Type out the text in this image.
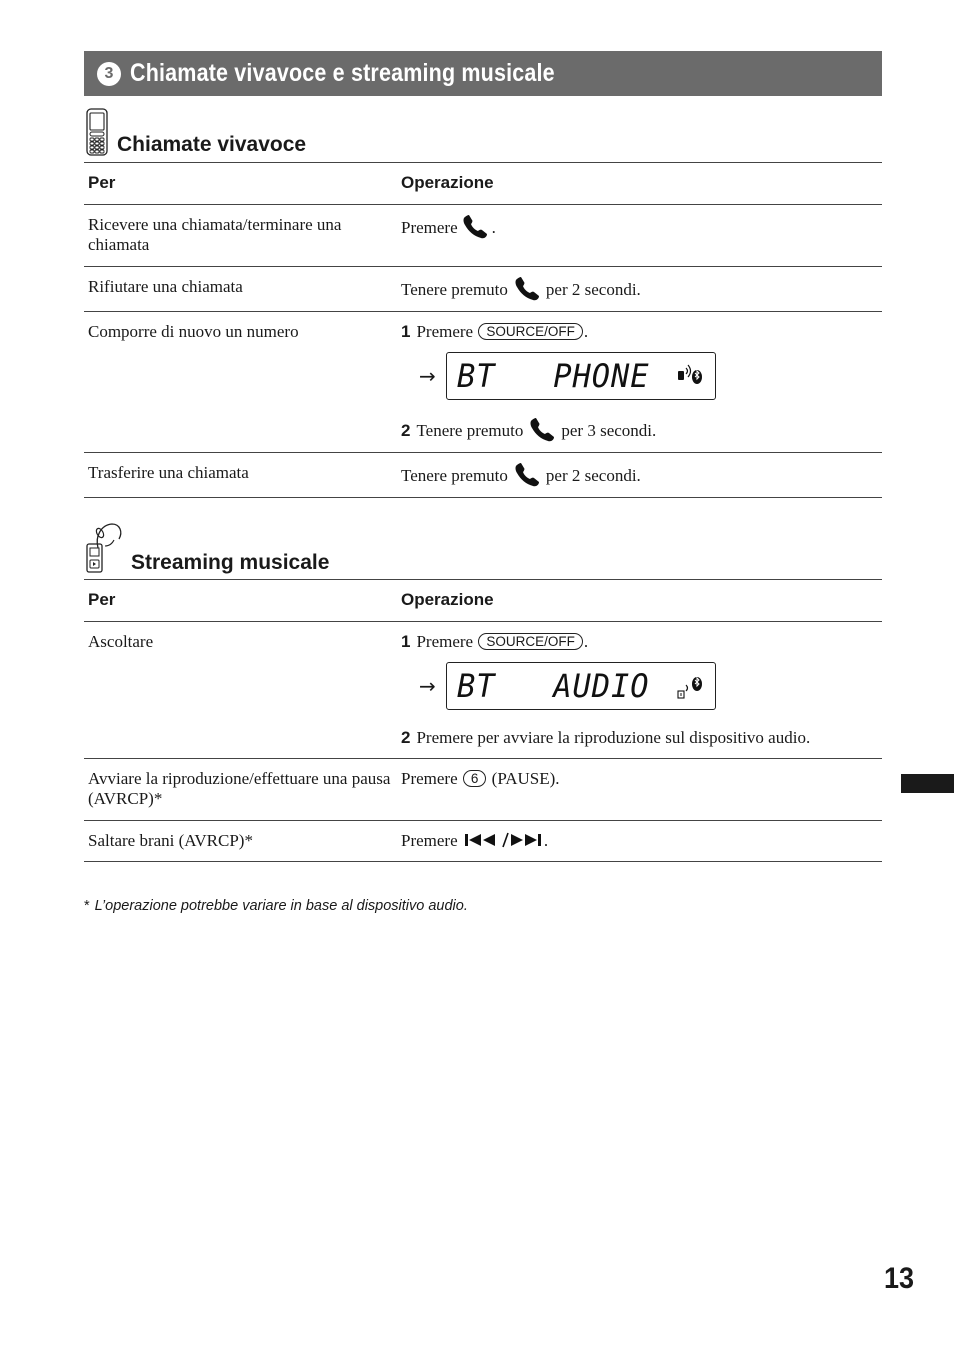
3 Chiamate vivavoce e streaming musicale
Chiamate vivavoce
Per	Operazione
Ricevere una chiamata/terminare una chiamata	Premere .
Rifiutare una chiamata	Tenere premuto per 2 secondi.
Comporre di nuovo un numero	1 Premere SOURCE/OFF .
→ BT   PHONE
2 Tenere premuto per 3 secondi.

Trasferire una chiamata	Tenere premuto per 2 secondi.
Streaming musicale
Per	Operazione
Ascoltare	1 Premere SOURCE/OFF .
→ BT   AUDIO
2 Premere per avviare la riproduzione sul dispositivo audio.

Avviare la riproduzione/effettuare una pausa (AVRCP)*	Premere 6 (PAUSE).
Saltare brani (AVRCP)*	Premere .
* L’operazione potrebbe variare in base al dispositivo audio.
13
